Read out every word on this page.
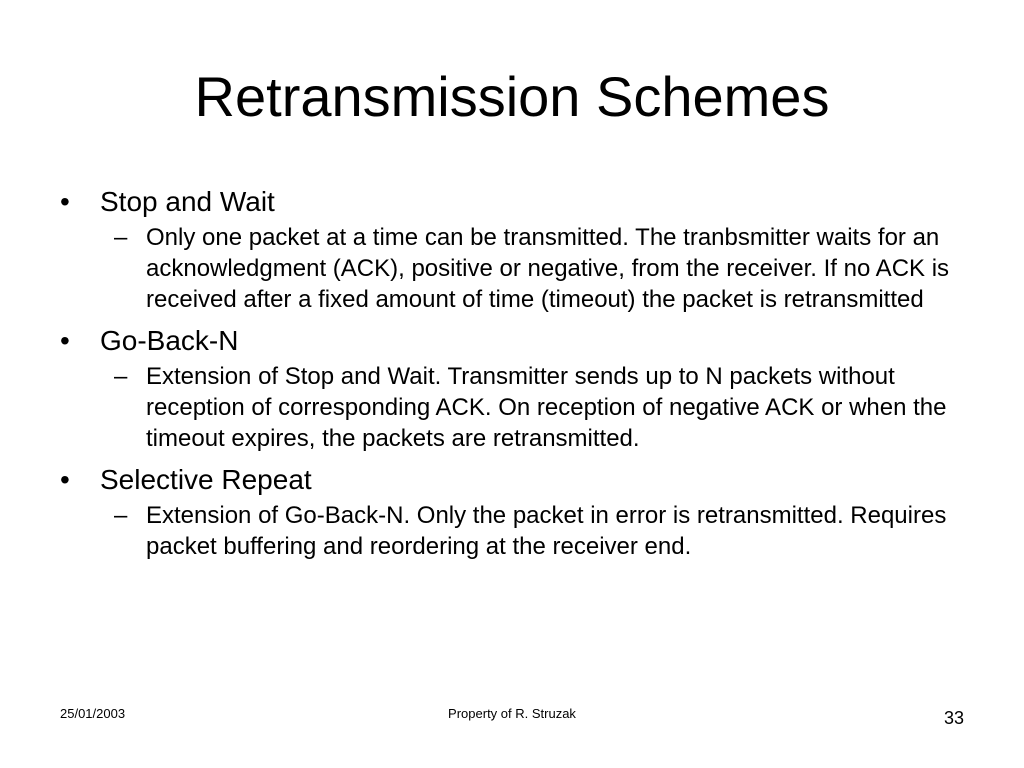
Retransmission Schemes
• Stop and Wait
– Only one packet at a time can be transmitted. The tranbsmitter waits for an acknowledgment (ACK), positive or negative, from the receiver. If no ACK is received after a fixed amount of time (timeout) the packet is retransmitted
• Go-Back-N
– Extension of Stop and Wait. Transmitter sends up to N packets without reception of corresponding ACK. On reception of negative ACK or when the timeout expires, the packets are retransmitted.
• Selective Repeat
– Extension of Go-Back-N. Only the packet in error is retransmitted. Requires packet buffering and reordering at the receiver end.
25/01/2003	Property of R. Struzak	33
